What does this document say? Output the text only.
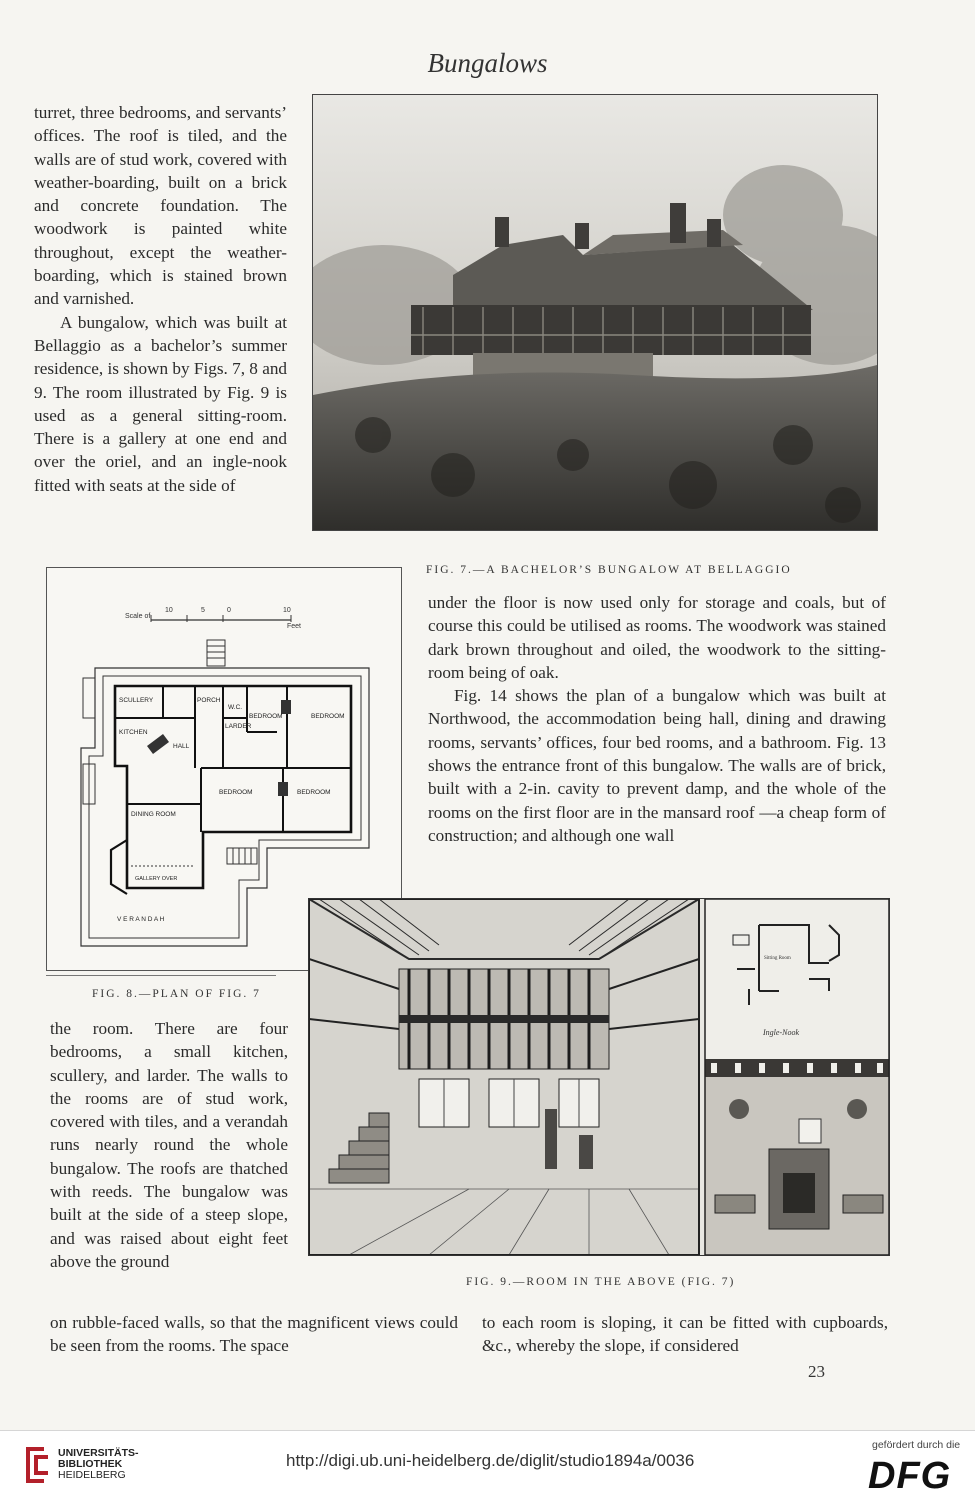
Bungalows

turret, three bedrooms, and servants’ offices. The roof is tiled, and the walls are of stud work, covered with weather-boarding, built on a brick and concrete foundation. The woodwork is painted white throughout, except the weather-boarding, which is stained brown and varnished.

A bungalow, which was built at Bellaggio as a bachelor’s summer residence, is shown by Figs. 7, 8 and 9. The room illustrated by Fig. 9 is used as a general sitting-room. There is a gallery at one end and over the oriel, and an ingle-nook fitted with seats at the side of

FIG. 7.—A BACHELOR’S BUNGALOW AT BELLAGGIO

under the floor is now used only for storage and coals, but of course this could be utilised as rooms. The woodwork was stained dark brown throughout and oiled, the woodwork to the sitting-room being of oak.

Fig. 14 shows the plan of a bungalow which was built at Northwood, the accommodation being hall, dining and drawing rooms, servants’ offices, four bed rooms, and a bathroom. Fig. 13 shows the entrance front of this bungalow. The walls are of brick, built with a 2-in. cavity to prevent damp, and the whole of the rooms on the first floor are in the mansard roof —a cheap form of construction; and although one wall

Scale of
10	5	0	10
Feet
SCULLERY	PORCH
W.C.
LARDER
KITCHEN
HALL
BEDROOM	BEDROOM
BEDROOM	BEDROOM
DINING ROOM
GALLERY OVER
V E R A N D A H
FIG. 8.—PLAN OF FIG. 7

the room. There are four bedrooms, a small kitchen, scullery, and larder. The walls to the rooms are of stud work, covered with tiles, and a verandah runs nearly round the whole bungalow. The roofs are thatched with reeds. The bungalow was built at the side of a steep slope, and was raised about eight feet above the ground

on rubble-faced walls, so that the magnificent views could be seen from the rooms. The space

Sitting Room
Ingle-Nook
FIG. 9.—ROOM IN THE ABOVE (FIG. 7)

to each room is sloping, it can be fitted with cupboards, &c., whereby the slope, if considered

23
UNIVERSITÄTS-
BIBLIOTHEK
HEIDELBERG
http://digi.ub.uni-heidelberg.de/diglit/studio1894a/0036
gefördert durch die
DFG
